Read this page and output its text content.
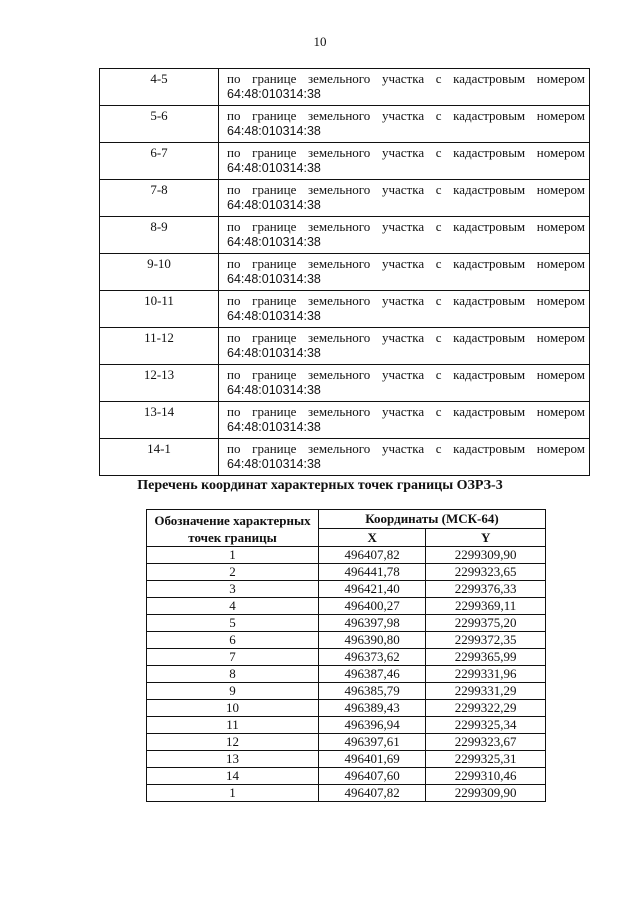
10
4-5	по границе земельного участка с кадастровым номером
64:48:010314:38

5-6	по границе земельного участка с кадастровым номером
64:48:010314:38

6-7	по границе земельного участка с кадастровым номером
64:48:010314:38

7-8	по границе земельного участка с кадастровым номером
64:48:010314:38

8-9	по границе земельного участка с кадастровым номером
64:48:010314:38

9-10	по границе земельного участка с кадастровым номером
64:48:010314:38

10-11	по границе земельного участка с кадастровым номером
64:48:010314:38

11-12	по границе земельного участка с кадастровым номером
64:48:010314:38

12-13	по границе земельного участка с кадастровым номером
64:48:010314:38

13-14	по границе земельного участка с кадастровым номером
64:48:010314:38

14-1	по границе земельного участка с кадастровым номером
64:48:010314:38
Перечень координат характерных точек границы ОЗРЗ-3
Обозначение характерных точек границы	Координаты (МСК-64)	
	X	Y
1	496407,82	2299309,90
2	496441,78	2299323,65
3	496421,40	2299376,33
4	496400,27	2299369,11
5	496397,98	2299375,20
6	496390,80	2299372,35
7	496373,62	2299365,99
8	496387,46	2299331,96
9	496385,79	2299331,29
10	496389,43	2299322,29
11	496396,94	2299325,34
12	496397,61	2299323,67
13	496401,69	2299325,31
14	496407,60	2299310,46
1	496407,82	2299309,90
